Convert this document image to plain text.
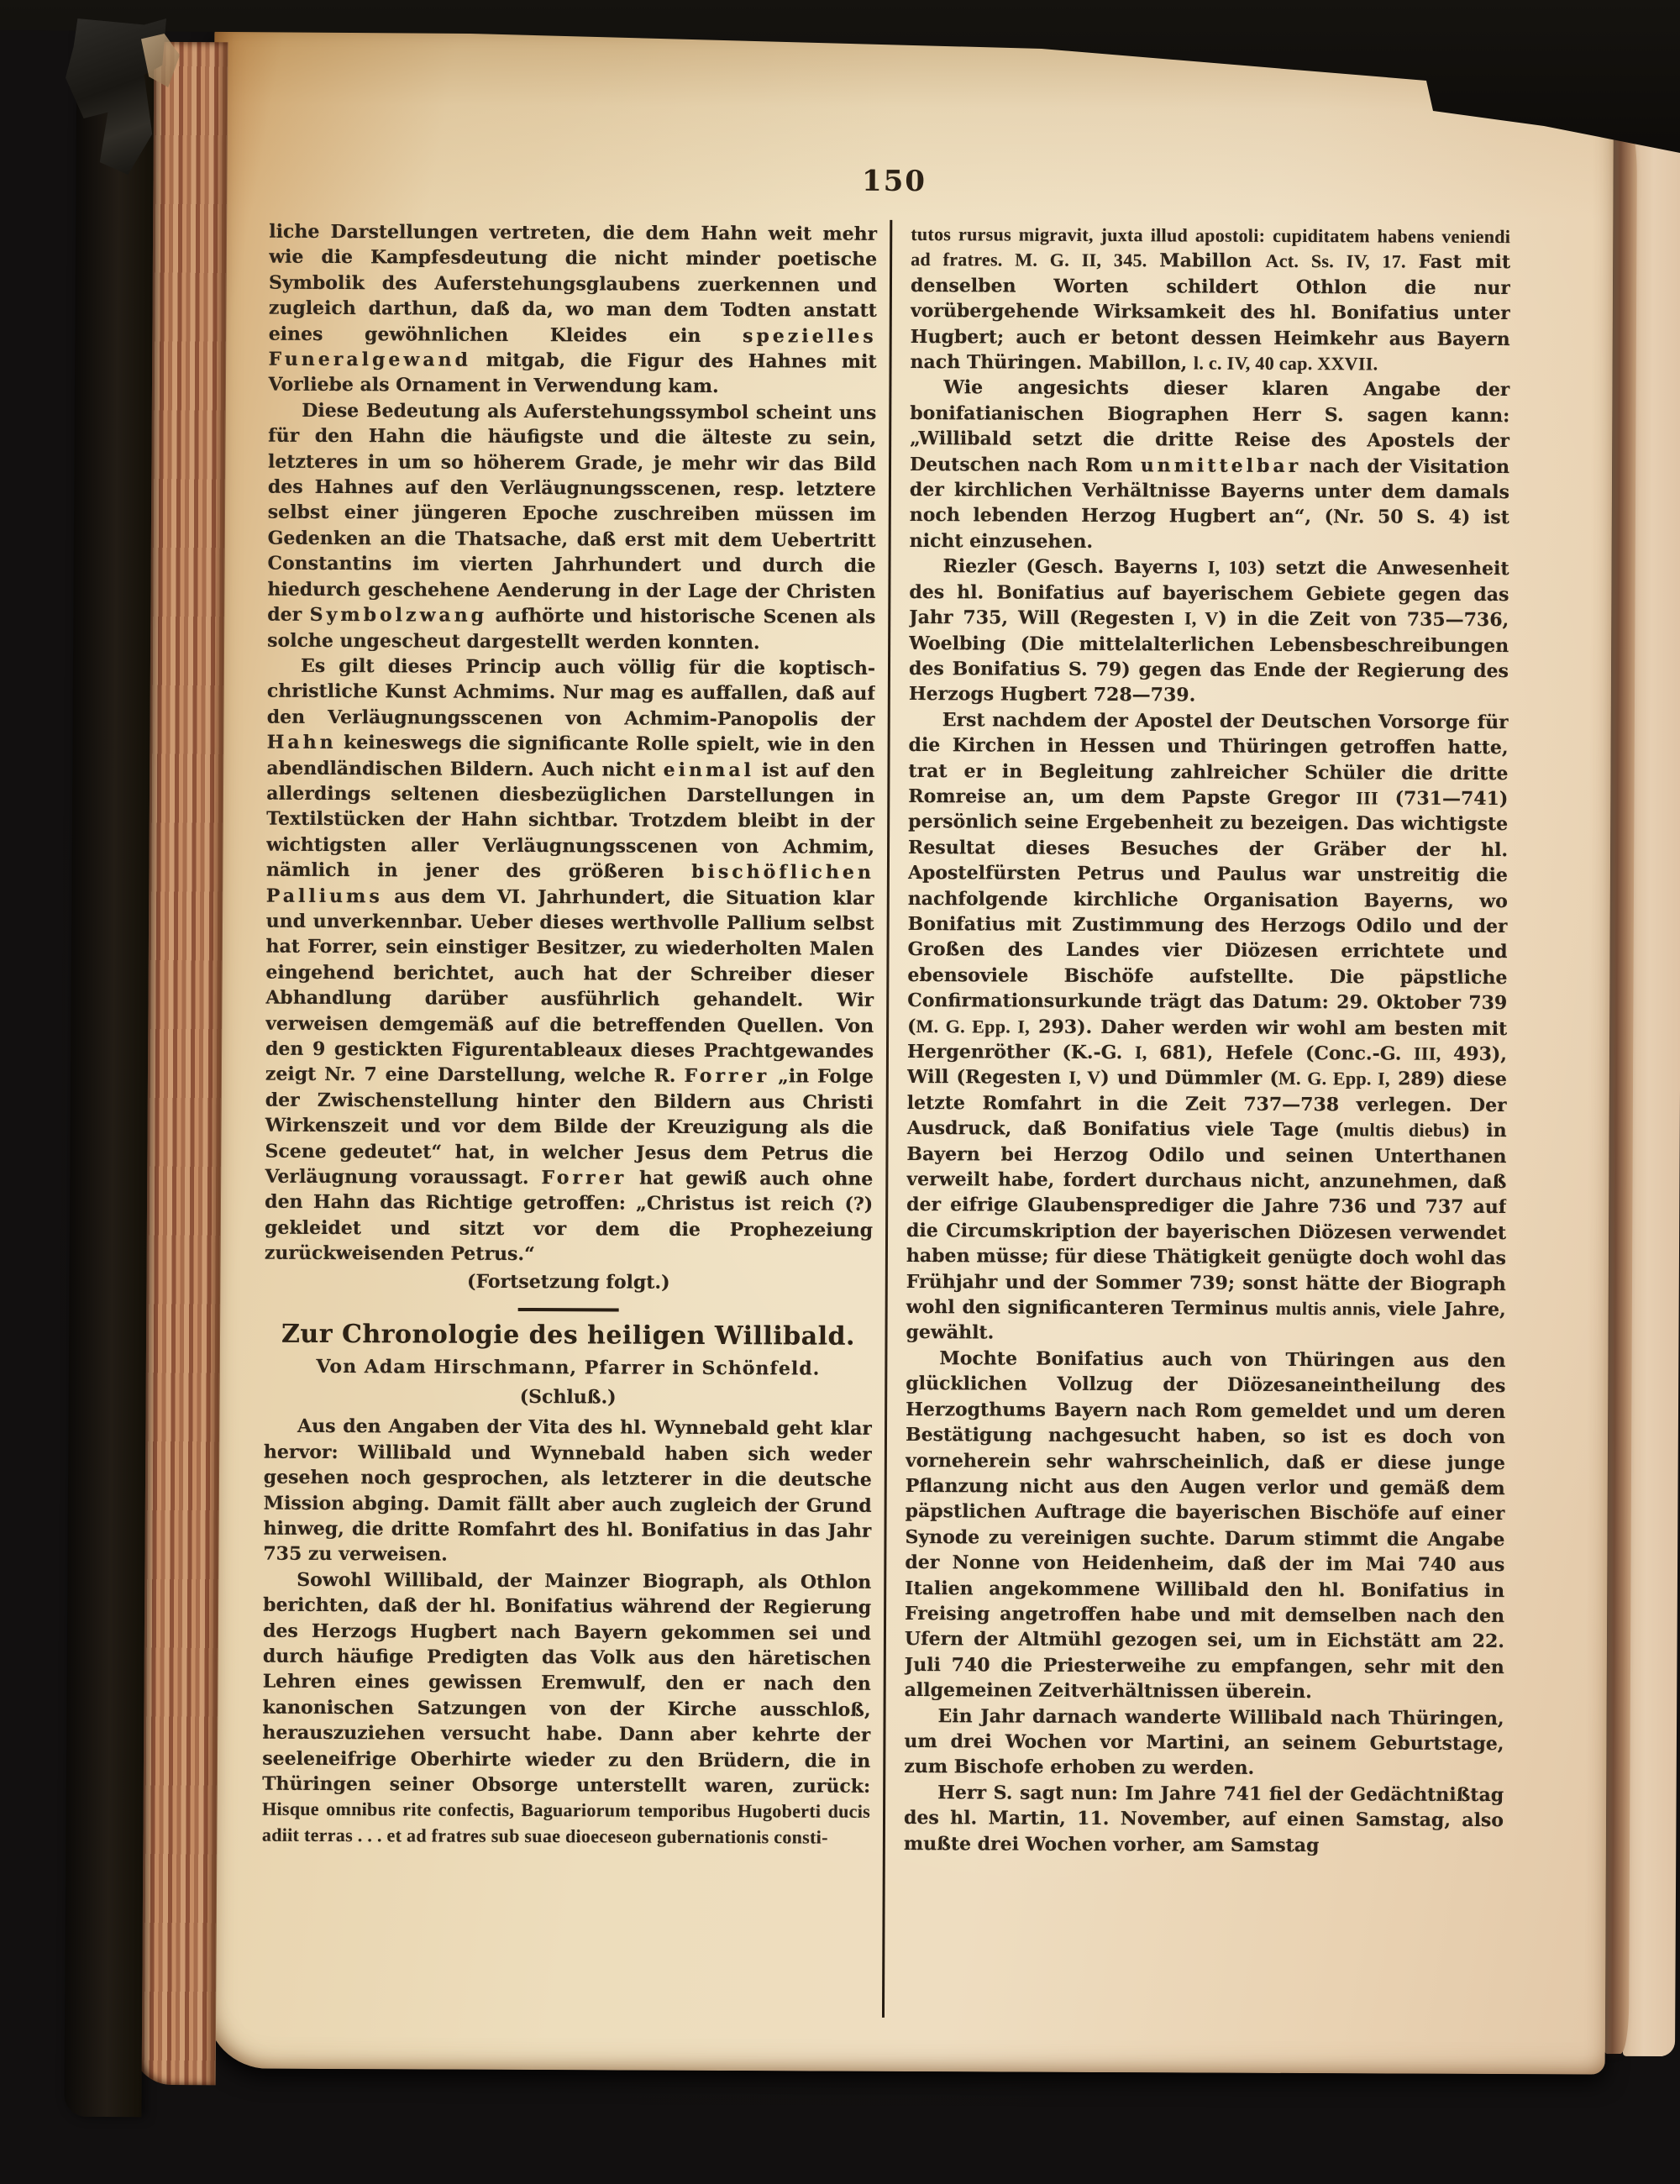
150

liche Darstellungen vertreten, die dem Hahn weit mehr wie die Kampfesdeutung die nicht minder poetische Symbolik des Auferstehungsglaubens zuerkennen und zugleich darthun, daß da, wo man dem Todten anstatt eines gewöhnlichen Kleides ein spezielles Funeralgewand mitgab, die Figur des Hahnes mit Vorliebe als Ornament in Verwendung kam.

Diese Bedeutung als Auferstehungssymbol scheint uns für den Hahn die häufigste und die älteste zu sein, letzteres in um so höherem Grade, je mehr wir das Bild des Hahnes auf den Verläugnungsscenen, resp. letztere selbst einer jüngeren Epoche zuschreiben müssen im Gedenken an die Thatsache, daß erst mit dem Uebertritt Constantins im vierten Jahrhundert und durch die hiedurch geschehene Aenderung in der Lage der Christen der Symbolzwang aufhörte und historische Scenen als solche ungescheut dargestellt werden konnten.

Es gilt dieses Princip auch völlig für die koptisch-christliche Kunst Achmims. Nur mag es auffallen, daß auf den Verläugnungsscenen von Achmim-Panopolis der Hahn keineswegs die significante Rolle spielt, wie in den abendländischen Bildern. Auch nicht einmal ist auf den allerdings seltenen diesbezüglichen Darstellungen in Textilstücken der Hahn sichtbar. Trotzdem bleibt in der wichtigsten aller Verläugnungsscenen von Achmim, nämlich in jener des größeren bischöflichen Palliums aus dem VI. Jahrhundert, die Situation klar und unverkennbar. Ueber dieses werthvolle Pallium selbst hat Forrer, sein einstiger Besitzer, zu wiederholten Malen eingehend berichtet, auch hat der Schreiber dieser Abhandlung darüber ausführlich gehandelt. Wir verweisen demgemäß auf die betreffenden Quellen. Von den 9 gestickten Figurentableaux dieses Prachtgewandes zeigt Nr. 7 eine Darstellung, welche R. Forrer „in Folge der Zwischenstellung hinter den Bildern aus Christi Wirkenszeit und vor dem Bilde der Kreuzigung als die Scene gedeutet“ hat, in welcher Jesus dem Petrus die Verläugnung voraussagt. Forrer hat gewiß auch ohne den Hahn das Richtige getroffen: „Christus ist reich (?) gekleidet und sitzt vor dem die Prophezeiung zurückweisenden Petrus.“

(Fortsetzung folgt.)

Zur Chronologie des heiligen Willibald.

Von Adam Hirschmann, Pfarrer in Schönfeld.

(Schluß.)

Aus den Angaben der Vita des hl. Wynnebald geht klar hervor: Willibald und Wynnebald haben sich weder gesehen noch gesprochen, als letzterer in die deutsche Mission abging. Damit fällt aber auch zugleich der Grund hinweg, die dritte Romfahrt des hl. Bonifatius in das Jahr 735 zu verweisen.

Sowohl Willibald, der Mainzer Biograph, als Othlon berichten, daß der hl. Bonifatius während der Regierung des Herzogs Hugbert nach Bayern gekommen sei und durch häufige Predigten das Volk aus den häretischen Lehren eines gewissen Eremwulf, den er nach den kanonischen Satzungen von der Kirche ausschloß, herauszuziehen versucht habe. Dann aber kehrte der seeleneifrige Oberhirte wieder zu den Brüdern, die in Thüringen seiner Obsorge unterstellt waren, zurück: Hisque omnibus rite confectis, Baguariorum temporibus Hugoberti ducis adiit terras . . . et ad fratres sub suae dioeceseon gubernationis consti-

tutos rursus migravit, juxta illud apostoli: cupiditatem habens veniendi ad fratres. M. G. II, 345. Mabillon Act. Ss. IV, 17. Fast mit denselben Worten schildert Othlon die nur vorübergehende Wirksamkeit des hl. Bonifatius unter Hugbert; auch er betont dessen Heimkehr aus Bayern nach Thüringen. Mabillon, l. c. IV, 40 cap. XXVII.

Wie angesichts dieser klaren Angabe der bonifatianischen Biographen Herr S. sagen kann: „Willibald setzt die dritte Reise des Apostels der Deutschen nach Rom unmittelbar nach der Visitation der kirchlichen Verhältnisse Bayerns unter dem damals noch lebenden Herzog Hugbert an“, (Nr. 50 S. 4) ist nicht einzusehen.

Riezler (Gesch. Bayerns I, 103) setzt die Anwesenheit des hl. Bonifatius auf bayerischem Gebiete gegen das Jahr 735, Will (Regesten I, V) in die Zeit von 735—736, Woelbing (Die mittelalterlichen Lebensbeschreibungen des Bonifatius S. 79) gegen das Ende der Regierung des Herzogs Hugbert 728—739.

Erst nachdem der Apostel der Deutschen Vorsorge für die Kirchen in Hessen und Thüringen getroffen hatte, trat er in Begleitung zahlreicher Schüler die dritte Romreise an, um dem Papste Gregor III (731—741) persönlich seine Ergebenheit zu bezeigen. Das wichtigste Resultat dieses Besuches der Gräber der hl. Apostelfürsten Petrus und Paulus war unstreitig die nachfolgende kirchliche Organisation Bayerns, wo Bonifatius mit Zustimmung des Herzogs Odilo und der Großen des Landes vier Diözesen errichtete und ebensoviele Bischöfe aufstellte. Die päpstliche Confirmationsurkunde trägt das Datum: 29. Oktober 739 (M. G. Epp. I, 293). Daher werden wir wohl am besten mit Hergenröther (K.-G. I, 681), Hefele (Conc.-G. III, 493), Will (Regesten I, V) und Dümmler (M. G. Epp. I, 289) diese letzte Romfahrt in die Zeit 737—738 verlegen. Der Ausdruck, daß Bonifatius viele Tage (multis diebus) in Bayern bei Herzog Odilo und seinen Unterthanen verweilt habe, fordert durchaus nicht, anzunehmen, daß der eifrige Glaubensprediger die Jahre 736 und 737 auf die Circumskription der bayerischen Diözesen verwendet haben müsse; für diese Thätigkeit genügte doch wohl das Frühjahr und der Sommer 739; sonst hätte der Biograph wohl den significanteren Terminus multis annis, viele Jahre, gewählt.

Mochte Bonifatius auch von Thüringen aus den glücklichen Vollzug der Diözesaneintheilung des Herzogthums Bayern nach Rom gemeldet und um deren Bestätigung nachgesucht haben, so ist es doch von vorneherein sehr wahrscheinlich, daß er diese junge Pflanzung nicht aus den Augen verlor und gemäß dem päpstlichen Auftrage die bayerischen Bischöfe auf einer Synode zu vereinigen suchte. Darum stimmt die Angabe der Nonne von Heidenheim, daß der im Mai 740 aus Italien angekommene Willibald den hl. Bonifatius in Freising angetroffen habe und mit demselben nach den Ufern der Altmühl gezogen sei, um in Eichstätt am 22. Juli 740 die Priesterweihe zu empfangen, sehr mit den allgemeinen Zeitverhältnissen überein.

Ein Jahr darnach wanderte Willibald nach Thüringen, um drei Wochen vor Martini, an seinem Geburtstage, zum Bischofe erhoben zu werden.

Herr S. sagt nun: Im Jahre 741 fiel der Gedächtnißtag des hl. Martin, 11. November, auf einen Samstag, also mußte drei Wochen vorher, am Samstag
